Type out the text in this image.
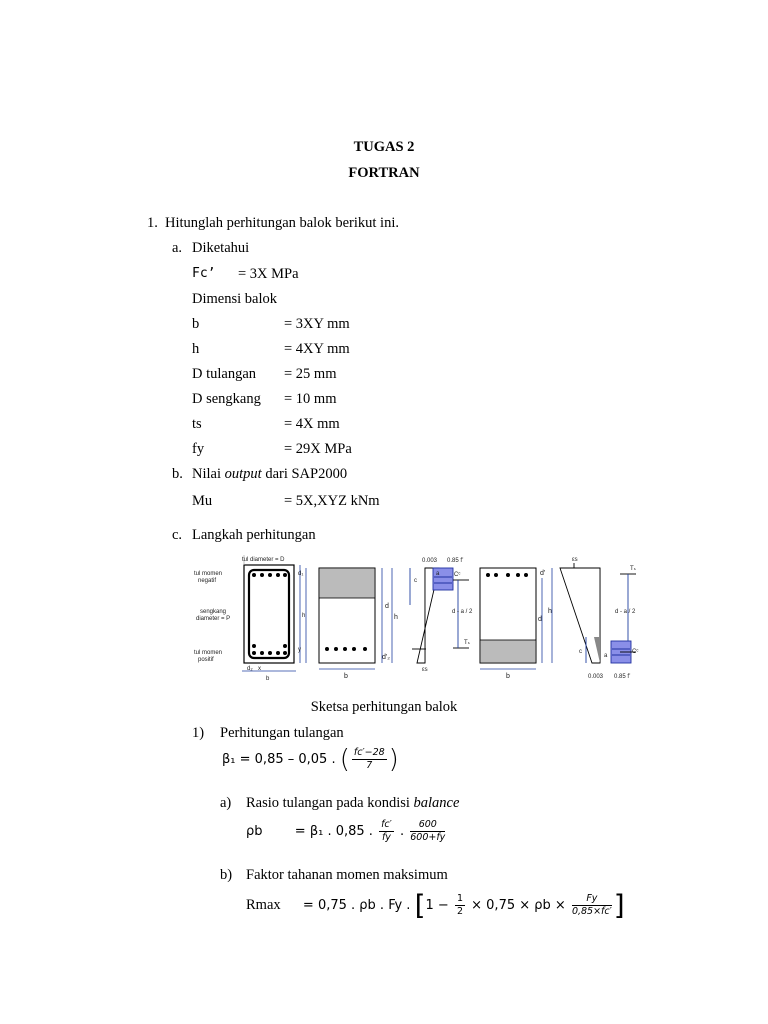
TUGAS 2
FORTRAN
1. Hitunglah perhitungan balok berikut ini.
a. Diketahui
Fc’ = 3X MPa
Dimensi balok
b	= 3XY mm
h	= 4XY mm
D tulangan = 25 mm
D sengkang = 10 mm
ts	= 4X mm
fy	= 29X MPa
b. Nilai output dari SAP2000
Mu	= 5X,XYZ kNm
c. Langkah perhitungan
tul diameter = D
tul momen
negatif
sengkang
diameter = P
tul momen
positif
b
h
d₁
y
d₂ x
b
d
h
d'₂
0.003 0.85 f’
c
a Cᶜ
d - a / 2
Tₛ
εs
b
d'
d
h
εs
Tₛ
d - a / 2
c
a
Cᶜ
0.003 0.85 f’
Sketsa perhitungan balok
1) Perhitungan tulangan
β₁ = 0,85 – 0,05 . ( $\frac{fc'-28}{7}$ )
a) Rasio tulangan pada kondisi balance
ρb = β₁ . 0,85 . $\frac{fc'}{fy}$ . $\frac{600}{600+fy}$
b) Faktor tahanan momen maksimum
Rmax = 0,75 . ρb . Fy . [$1 - \frac{1}{2} \times 0,75 \times \rho b \times \frac{Fy}{0,85\times fc'}$ ]
